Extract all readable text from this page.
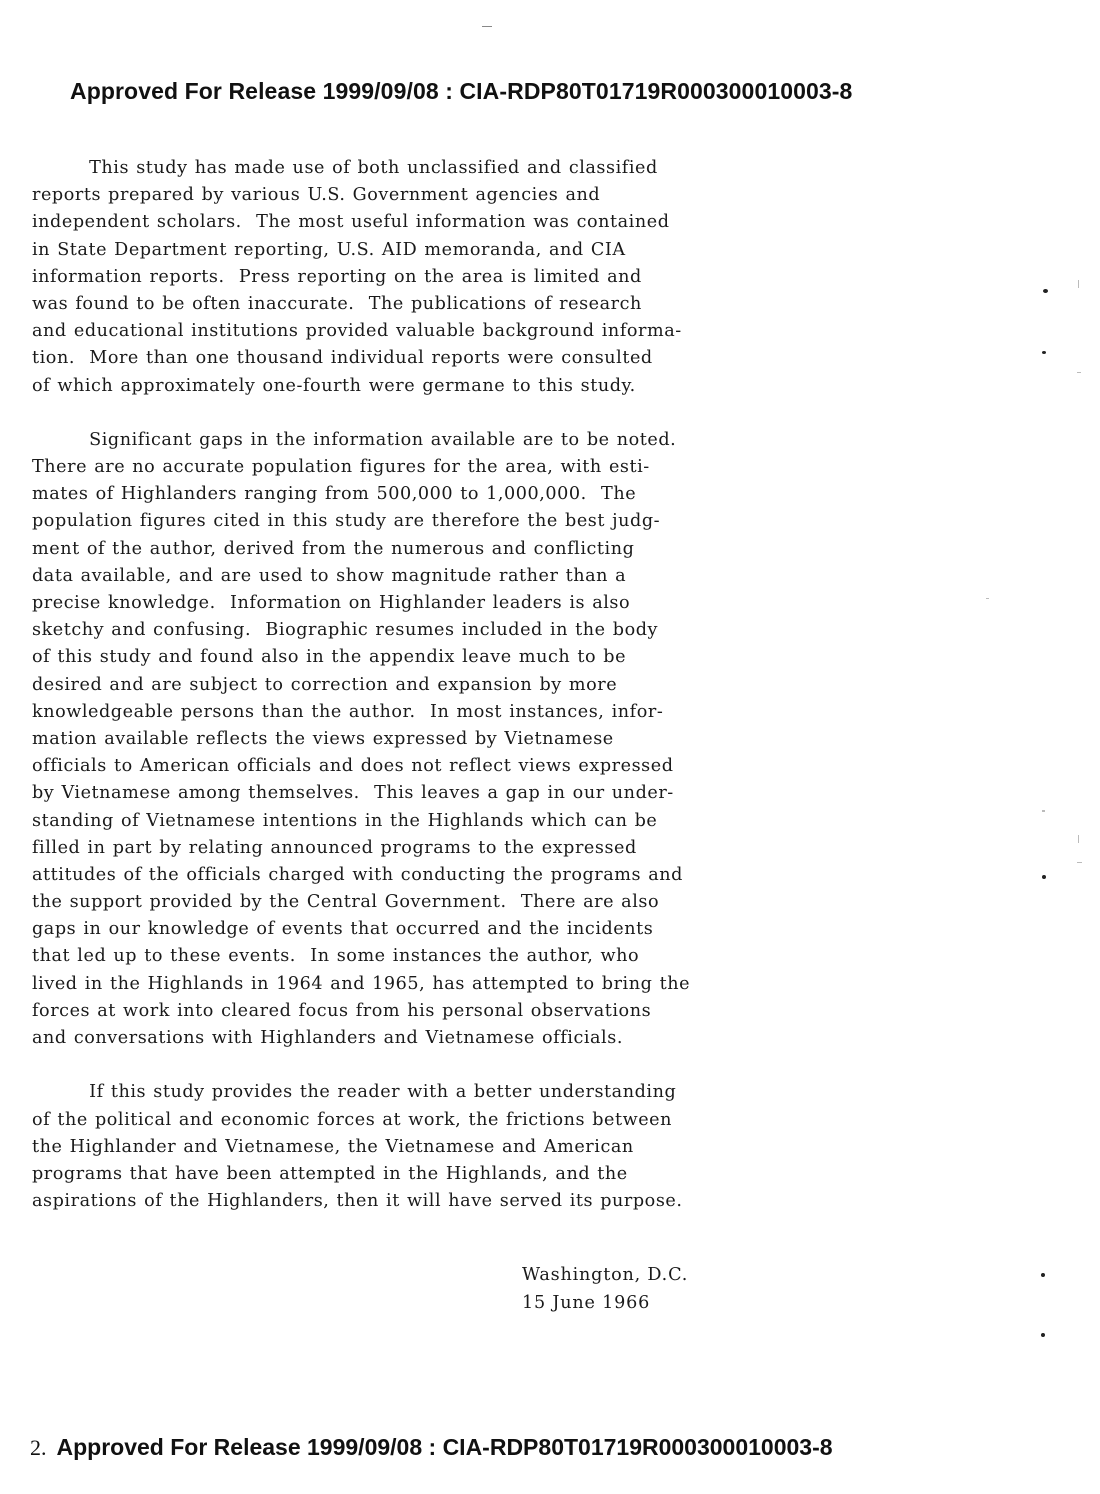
Approved For Release 1999/09/08 : CIA-RDP80T01719R000300010003-8
This study has made use of both unclassified and classified
reports prepared by various U.S. Government agencies and
independent scholars.  The most useful information was contained
in State Department reporting, U.S. AID memoranda, and CIA
information reports.  Press reporting on the area is limited and
was found to be often inaccurate.  The publications of research
and educational institutions provided valuable background informa-
tion.  More than one thousand individual reports were consulted
of which approximately one-fourth were germane to this study.
Significant gaps in the information available are to be noted.
There are no accurate population figures for the area, with esti-
mates of Highlanders ranging from 500,000 to 1,000,000.  The
population figures cited in this study are therefore the best judg-
ment of the author, derived from the numerous and conflicting
data available, and are used to show magnitude rather than a
precise knowledge.  Information on Highlander leaders is also
sketchy and confusing.  Biographic resumes included in the body
of this study and found also in the appendix leave much to be
desired and are subject to correction and expansion by more
knowledgeable persons than the author.  In most instances, infor-
mation available reflects the views expressed by Vietnamese
officials to American officials and does not reflect views expressed
by Vietnamese among themselves.  This leaves a gap in our under-
standing of Vietnamese intentions in the Highlands which can be
filled in part by relating announced programs to the expressed
attitudes of the officials charged with conducting the programs and
the support provided by the Central Government.  There are also
gaps in our knowledge of events that occurred and the incidents
that led up to these events.  In some instances the author, who
lived in the Highlands in 1964 and 1965, has attempted to bring the
forces at work into cleared focus from his personal observations
and conversations with Highlanders and Vietnamese officials.
If this study provides the reader with a better understanding
of the political and economic forces at work, the frictions between
the Highlander and Vietnamese, the Vietnamese and American
programs that have been attempted in the Highlands, and the
aspirations of the Highlanders, then it will have served its purpose.
Washington, D.C.
15 June 1966
2. Approved For Release 1999/09/08 : CIA-RDP80T01719R000300010003-8
